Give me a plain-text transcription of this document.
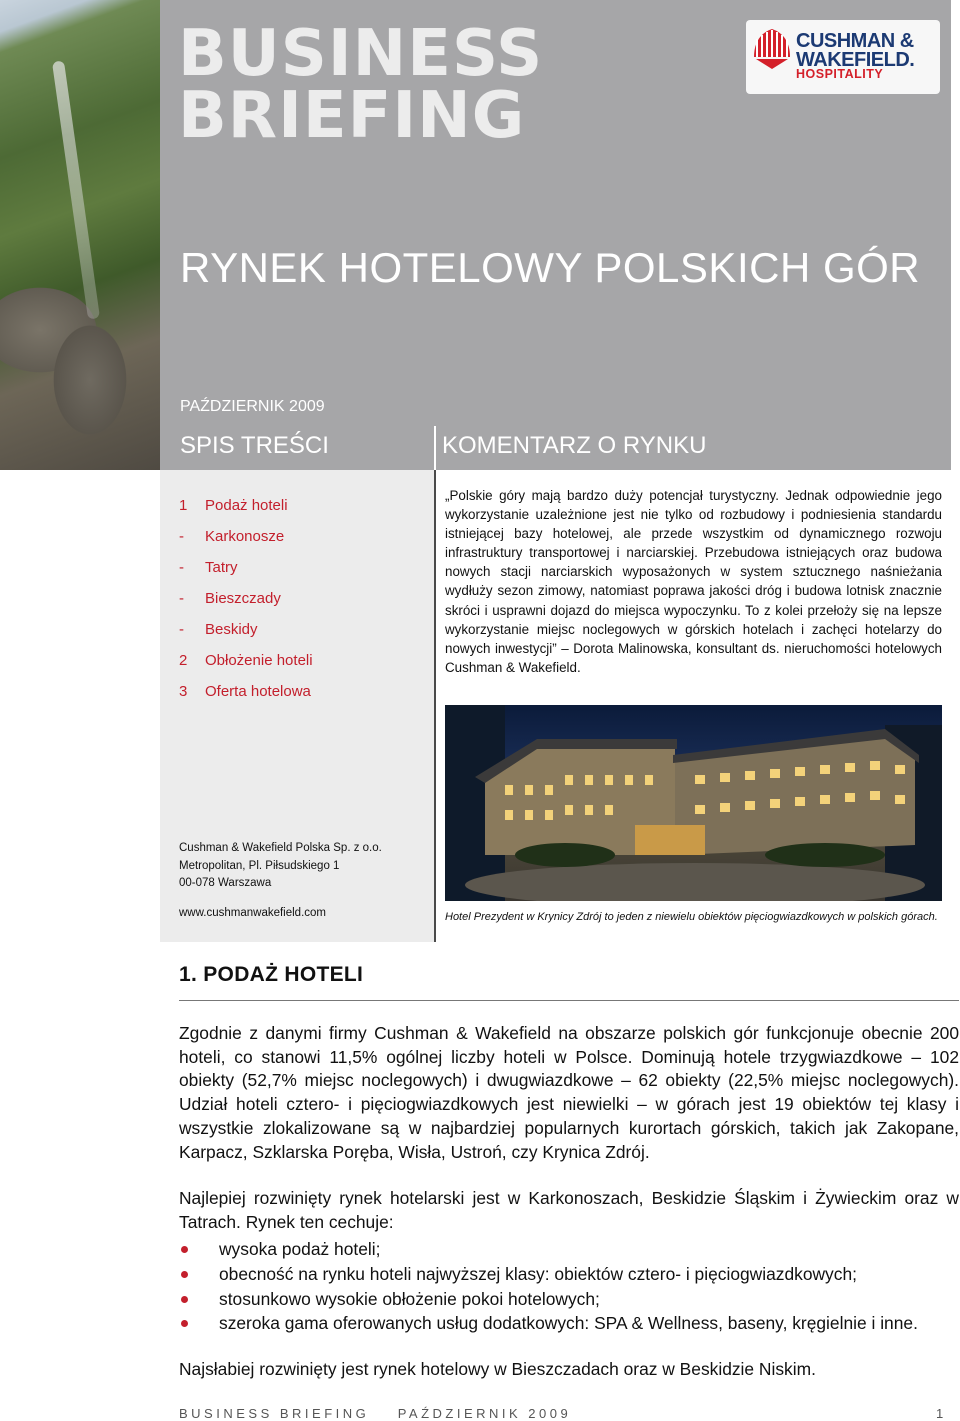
BUSINESS
BRIEFING
CUSHMAN &
WAKEFIELD.
HOSPITALITY
RYNEK HOTELOWY POLSKICH GÓR
PAŹDZIERNIK 2009
SPIS TREŚCI	KOMENTARZ O RYNKU
1	Podaż hoteli
-	Karkonosze
-	Tatry
-	Bieszczady
-	Beskidy
2	Obłożenie hoteli
3	Oferta hotelowa
Cushman & Wakefield Polska Sp. z o.o.
Metropolitan, Pl. Piłsudskiego 1
00-078 Warszawa
www.cushmanwakefield.com
„Polskie góry mają bardzo duży potencjał turystyczny. Jednak odpowiednie jego wykorzystanie uzależnione jest nie tylko od rozbudowy i podniesienia standardu istniejącej bazy hotelowej, ale przede wszystkim od dynamicznego rozwoju infrastruktury transportowej i narciarskiej. Przebudowa istniejących oraz budowa nowych stacji narciarskich wyposażonych w system sztucznego naśnieżania wydłuży sezon zimowy, natomiast poprawa jakości dróg i budowa lotnisk znacznie skróci i usprawni dojazd do miejsca wypoczynku. To z kolei przełoży się na lepsze wykorzystanie miejsc noclegowych w górskich hotelach i zachęci hotelarzy do nowych inwestycji” – Dorota Malinowska, konsultant ds. nieruchomości hotelowych Cushman & Wakefield.
Hotel Prezydent w Krynicy Zdrój to jeden z niewielu obiektów pięciogwiazdkowych w polskich górach.
1. PODAŻ HOTELI
Zgodnie z danymi firmy Cushman & Wakefield na obszarze polskich gór funkcjonuje obecnie 200 hoteli, co stanowi 11,5% ogólnej liczby hoteli w Polsce. Dominują hotele trzygwiazdkowe – 102 obiekty (52,7% miejsc noclegowych) i dwugwiazdkowe – 62 obiekty (22,5% miejsc noclegowych). Udział hoteli cztero- i pięciogwiazdkowych jest niewielki – w górach jest 19 obiektów tej klasy i wszystkie zlokalizowane są w najbardziej popularnych kurortach górskich, takich jak Zakopane, Karpacz, Szklarska Poręba, Wisła, Ustroń, czy Krynica Zdrój.
Najlepiej rozwinięty rynek hotelarski jest w Karkonoszach, Beskidzie Śląskim i Żywieckim oraz w Tatrach. Rynek ten cechuje:
wysoka podaż hoteli;
obecność na rynku hoteli najwyższej klasy: obiektów cztero- i pięciogwiazdkowych;
stosunkowo wysokie obłożenie pokoi hotelowych;
szeroka gama oferowanych usług dodatkowych: SPA & Wellness, baseny, kręgielnie i inne.
Najsłabiej rozwinięty jest rynek hotelowy w Bieszczadach oraz w Beskidzie Niskim.
BUSINESS BRIEFING    PAŹDZIERNIK 2009	1
